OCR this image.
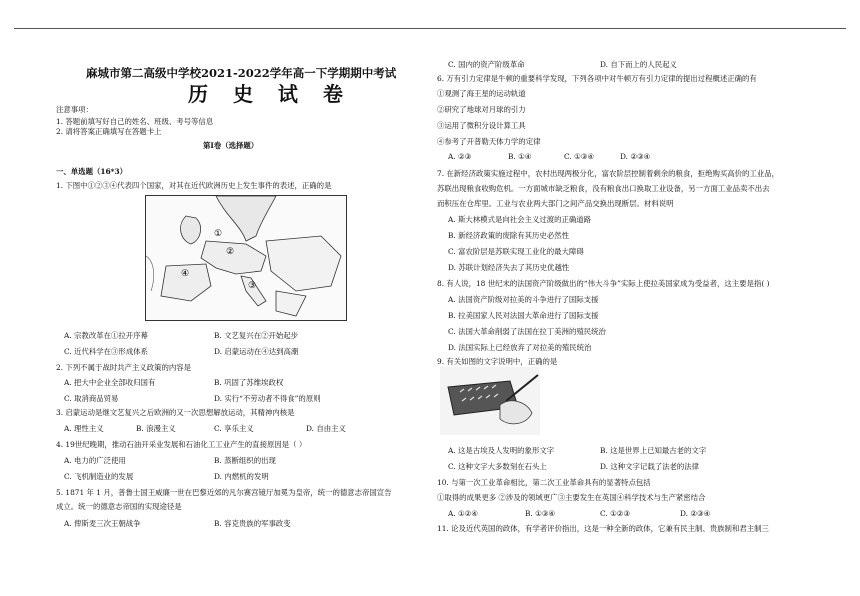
麻城市第二高级中学校2021-2022学年高一下学期期中考试
历 史 试 卷
注意事项：
1. 答题前填写好自己的姓名、班级、考号等信息
2. 请将答案正确填写在答题卡上
第Ⅰ卷（选择题）
一、单选题（16*3）
1. 下图中①②③④代表四个国家，对其在近代欧洲历史上发生事件的表述，正确的是
①
②
③
④
A. 宗教改革在①拉开序幕	B. 文艺复兴在②开始起步
C. 近代科学在③形成体系	D. 启蒙运动在④达到高潮
2. 下列不属于战时共产主义政策的内容是
A. 把大中企业全部收归国有	B. 巩固了苏维埃政权
C. 取消商品贸易	D. 实行“不劳动者不得食”的原则
3. 启蒙运动是继文艺复兴之后欧洲的又一次思想解放运动，其精神内核是
A. 理性主义	B. 浪漫主义	C. 享乐主义	D. 自由主义
4. 19世纪晚期，推动石油开采业发展和石油化工工业产生的直接原因是（ ）
A. 电力的广泛使用	B. 蒸断组织的出现
C. 飞机制造业的发展	D. 内燃机的发明
5. 1871 年 1 月，普鲁士国王威廉一世在巴黎近郊的凡尔赛宫镜厅加冕为皇帝，统一的德意志帝国宣告
成立。统一的德意志帝国的实现途径是
A. 俾斯麦三次王朝战争	B. 容克贵族的军事政变
C. 国内的资产阶级革命	D. 自下而上的人民起义
6. 万有引力定律是牛顿的重要科学发现，下列各项中对牛顿万有引力定律的提出过程概述正确的有
①观测了海王星的运动轨道
②研究了地球对月球的引力
③运用了微积分设计算工具
④参考了开普勒天体力学的定律
A. ②③	B. ①④	C. ①③④	D. ②③④
7. 在新经济政策实施过程中，农村出现两极分化，富农阶层控制着剩余的粮食，拒绝购买高价的工业品，
苏联出现粮食收购危机。一方面城市缺乏粮食，没有粮食出口换取工业设备，另一方面工业品卖不出去
而积压在仓库里。工业与农业两大部门之间产品交换出现断层。材料说明
A. 斯大林模式是向社会主义过渡的正确道路
B. 新经济政策的废除有其历史必然性
C. 富农阶层是苏联实现工业化的最大障碍
D. 苏联计划经济失去了其历史优越性
8. 有人说，18 世纪末的法国资产阶级做出的“伟大斗争”实际上使拉美国家成为受益者，这主要是指( )
A. 法国资产阶级对拉美的斗争进行了国际支援
B. 拉美国家人民对法国大革命进行了国际支援
C. 法国大革命削弱了法国在拉丁美洲的殖民统治
D. 法国实际上已经放弃了对拉美的殖民统治
9. 有关如图的文字说明中，正确的是
A. 这是古埃及人发明的象形文字	B. 这是世界上已知最古老的文字
C. 这种文字大多数刻在石头上	D. 这种文字记载了法老的法律
10. 与第一次工业革命相比，第二次工业革命具有的显著特点包括
①取得的成果更多 ②涉及的领域更广③主要发生在英国④科学技术与生产紧密结合
A. ①②④	B. ①③④	C. ①②③	D. ②③④
11. 论及近代英国的政体，有学者评价指出，这是一种全新的政体，它兼有民主制、贵族制和君主制三
